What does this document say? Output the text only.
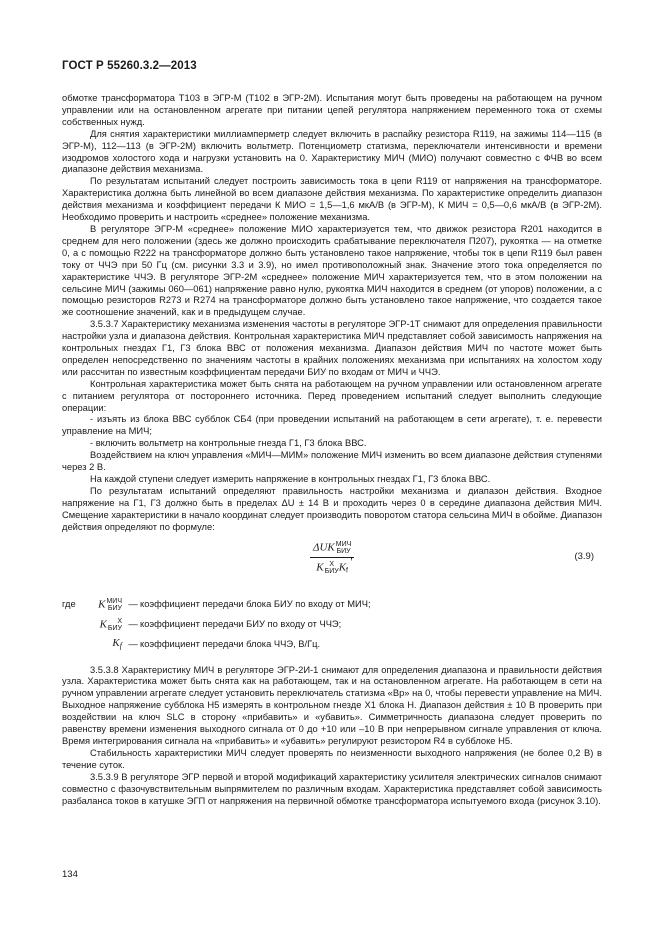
ГОСТ Р 55260.3.2—2013

обмотке трансформатора Т103 в ЭГР-М (Т102 в ЭГР-2М). Испытания могут быть проведены на работающем на ручном управлении или на остановленном агрегате при питании цепей регулятора напряжением переменного тока от схемы собственных нужд.

Для снятия характеристики миллиамперметр следует включить в распайку резистора R119, на зажимы 114—115 (в ЭГР-М), 112—113 (в ЭГР-2М) включить вольтметр. Потенциометр статизма, переключатели интенсивности и времени изодромов холостого хода и нагрузки установить на 0. Характеристику МИЧ (МИО) получают совместно с ФЧВ во всем диапазоне действия механизма.

По результатам испытаний следует построить зависимость тока в цепи R119 от напряжения на трансформаторе. Характеристика должна быть линейной во всем диапазоне действия механизма. По характеристике определить диапазон действия механизма и коэффициент передачи К МИО = 1,5—1,6 мкА/В (в ЭГР-М), К МИЧ = 0,5—0,6 мкА/В (в ЭГР-2М). Необходимо проверить и настроить «среднее» положение механизма.

В регуляторе ЭГР-М «среднее» положение МИО характеризуется тем, что движок резистора R201 находится в среднем для него положении (здесь же должно происходить срабатывание переключателя П207), рукоятка — на отметке 0, а с помощью R222 на трансформаторе должно быть установлено такое напряжение, чтобы ток в цепи R119 был равен току от ЧЧЭ при 50 Гц (см. рисунки 3.3 и 3.9), но имел противоположный знак. Значение этого тока определяется по характеристике ЧЧЭ. В регуляторе ЭГР-2М «среднее» положение МИЧ характеризуется тем, что в этом положении на сельсине МИЧ (зажимы 060—061) напряжение равно нулю, рукоятка МИЧ находится в среднем (от упоров) положении, а с помощью резисторов R273 и R274 на трансформаторе должно быть установлено такое напряжение, что создается такое же соотношение значений, как и в предыдущем случае.

3.5.3.7 Характеристику механизма изменения частоты в регуляторе ЭГР-1Т снимают для определения правильности настройки узла и диапазона действия. Контрольная характеристика МИЧ представляет собой зависимость напряжения на контрольных гнездах Г1, Г3 блока ВВС от положения механизма. Диапазон действия МИЧ по частоте может быть определен непосредственно по значениям частоты в крайних положениях механизма при испытаниях на холостом ходу или рассчитан по известным коэффициентам передачи БИУ по входам от МИЧ и ЧЧЭ.

Контрольная характеристика может быть снята на работающем на ручном управлении или остановленном агрегате с питанием регулятора от постороннего источника. Перед проведением испытаний следует выполнить следующие операции:

- изъять из блока ВВС субблок СБ4 (при проведении испытаний на работающем в сети агрегате), т. е. перевести управление на МИЧ;

- включить вольтметр на контрольные гнезда Г1, Г3 блока ВВС.

Воздействием на ключ управления «МИЧ—МИМ» положение МИЧ изменить во всем диапазоне действия ступенями через 2 В.

На каждой ступени следует измерить напряжение в контрольных гнездах Г1, Г3 блока ВВС.

По результатам испытаний определяют правильность настройки механизма и диапазон действия. Входное напряжение на Г1, Г3 должно быть в пределах ΔU ± 14 В и проходить через 0 в середине диапазона действия МИЧ. Смещение характеристики в начало координат следует производить поворотом статора сельсина МИЧ в обойме. Диапазон действия определяют по формуле:

ΔUK МИЧ
БИУ
K X
БИУ $K_f$
,	(3.9)
где	K МИЧ
БИУ — коэффициент передачи блока БИУ по входу от МИЧ;
K	X
БИУ — коэффициент передачи БИУ по входу от ЧЧЭ;
Kf — коэффициент передачи блока ЧЧЭ, В/Гц.

3.5.3.8 Характеристику МИЧ в регуляторе ЭГР-2И-1 снимают для определения диапазона и правильности действия узла. Характеристика может быть снята как на работающем, так и на остановленном агрегате. На работающем в сети на ручном управлении агрегате следует установить переключатель статизма «Вр» на 0, чтобы перевести управление на МИЧ. Выходное напряжение субблока Н5 измерять в контрольном гнезде Х1 блока Н. Диапазон действия ± 10 В проверить при воздействии на ключ SLC в сторону «прибавить» и «убавить». Симметричность диапазона следует проверить по равенству времени изменения выходного сигнала от 0 до +10 или –10 В при непрерывном сигнале управления от ключа. Время интегрирования сигнала на «прибавить» и «убавить» регулируют резистором R4 в субблоке Н5.

Стабильность характеристики МИЧ следует проверять по неизменности выходного напряжения (не более 0,2 В) в течение суток.

3.5.3.9 В регуляторе ЭГР первой и второй модификаций характеристику усилителя электрических сигналов снимают совместно с фазочувствительным выпрямителем по различным входам. Характеристика представляет собой зависимость разбаланса токов в катушке ЭГП от напряжения на первичной обмотке трансформатора испытуемого входа (рисунок 3.10).

134
